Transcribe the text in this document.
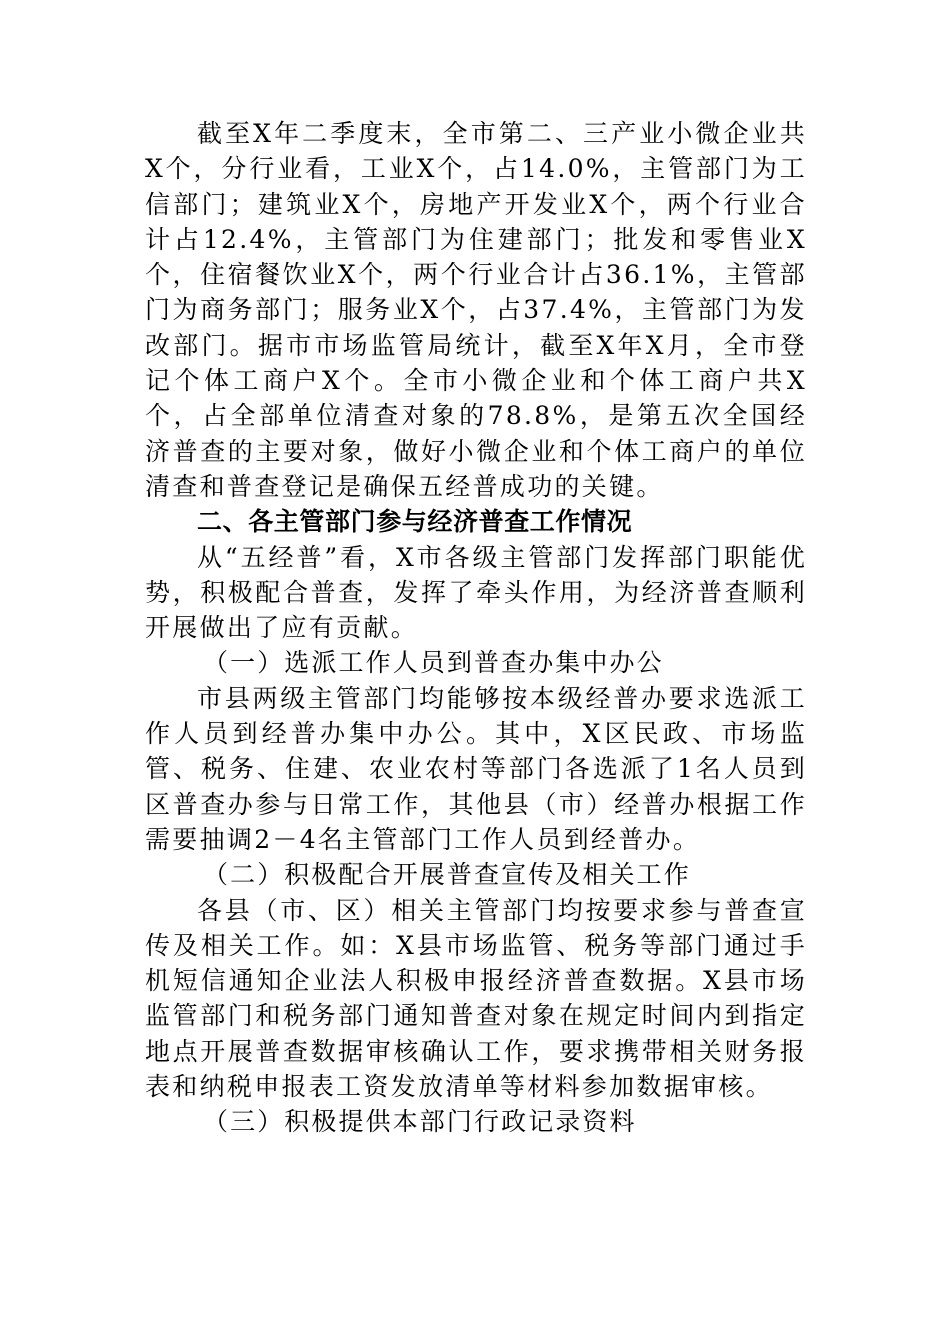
截至X年二季度末，全市第二、三产业小微企业共X个，分行业看，工业X个，占14.0%，主管部门为工信部门；建筑业X个，房地产开发业X个，两个行业合计占12.4%，主管部门为住建部门；批发和零售业X个，住宿餐饮业X个，两个行业合计占36.1%，主管部门为商务部门；服务业X个，占37.4%，主管部门为发改部门。据市市场监管局统计，截至X年X月，全市登记个体工商户X个。全市小微企业和个体工商户共X个，占全部单位清查对象的78.8%，是第五次全国经济普查的主要对象，做好小微企业和个体工商户的单位清查和普查登记是确保五经普成功的关键。

二、各主管部门参与经济普查工作情况

从“五经普”看，X市各级主管部门发挥部门职能优势，积极配合普查，发挥了牵头作用，为经济普查顺利开展做出了应有贡献。

（一）选派工作人员到普查办集中办公

市县两级主管部门均能够按本级经普办要求选派工作人员到经普办集中办公。其中，X区民政、市场监管、税务、住建、农业农村等部门各选派了1名人员到区普查办参与日常工作，其他县（市）经普办根据工作需要抽调2－4名主管部门工作人员到经普办。

（二）积极配合开展普查宣传及相关工作

各县（市、区）相关主管部门均按要求参与普查宣传及相关工作。如：X县市场监管、税务等部门通过手机短信通知企业法人积极申报经济普查数据。X县市场监管部门和税务部门通知普查对象在规定时间内到指定地点开展普查数据审核确认工作，要求携带相关财务报表和纳税申报表工资发放清单等材料参加数据审核。

（三）积极提供本部门行政记录资料
